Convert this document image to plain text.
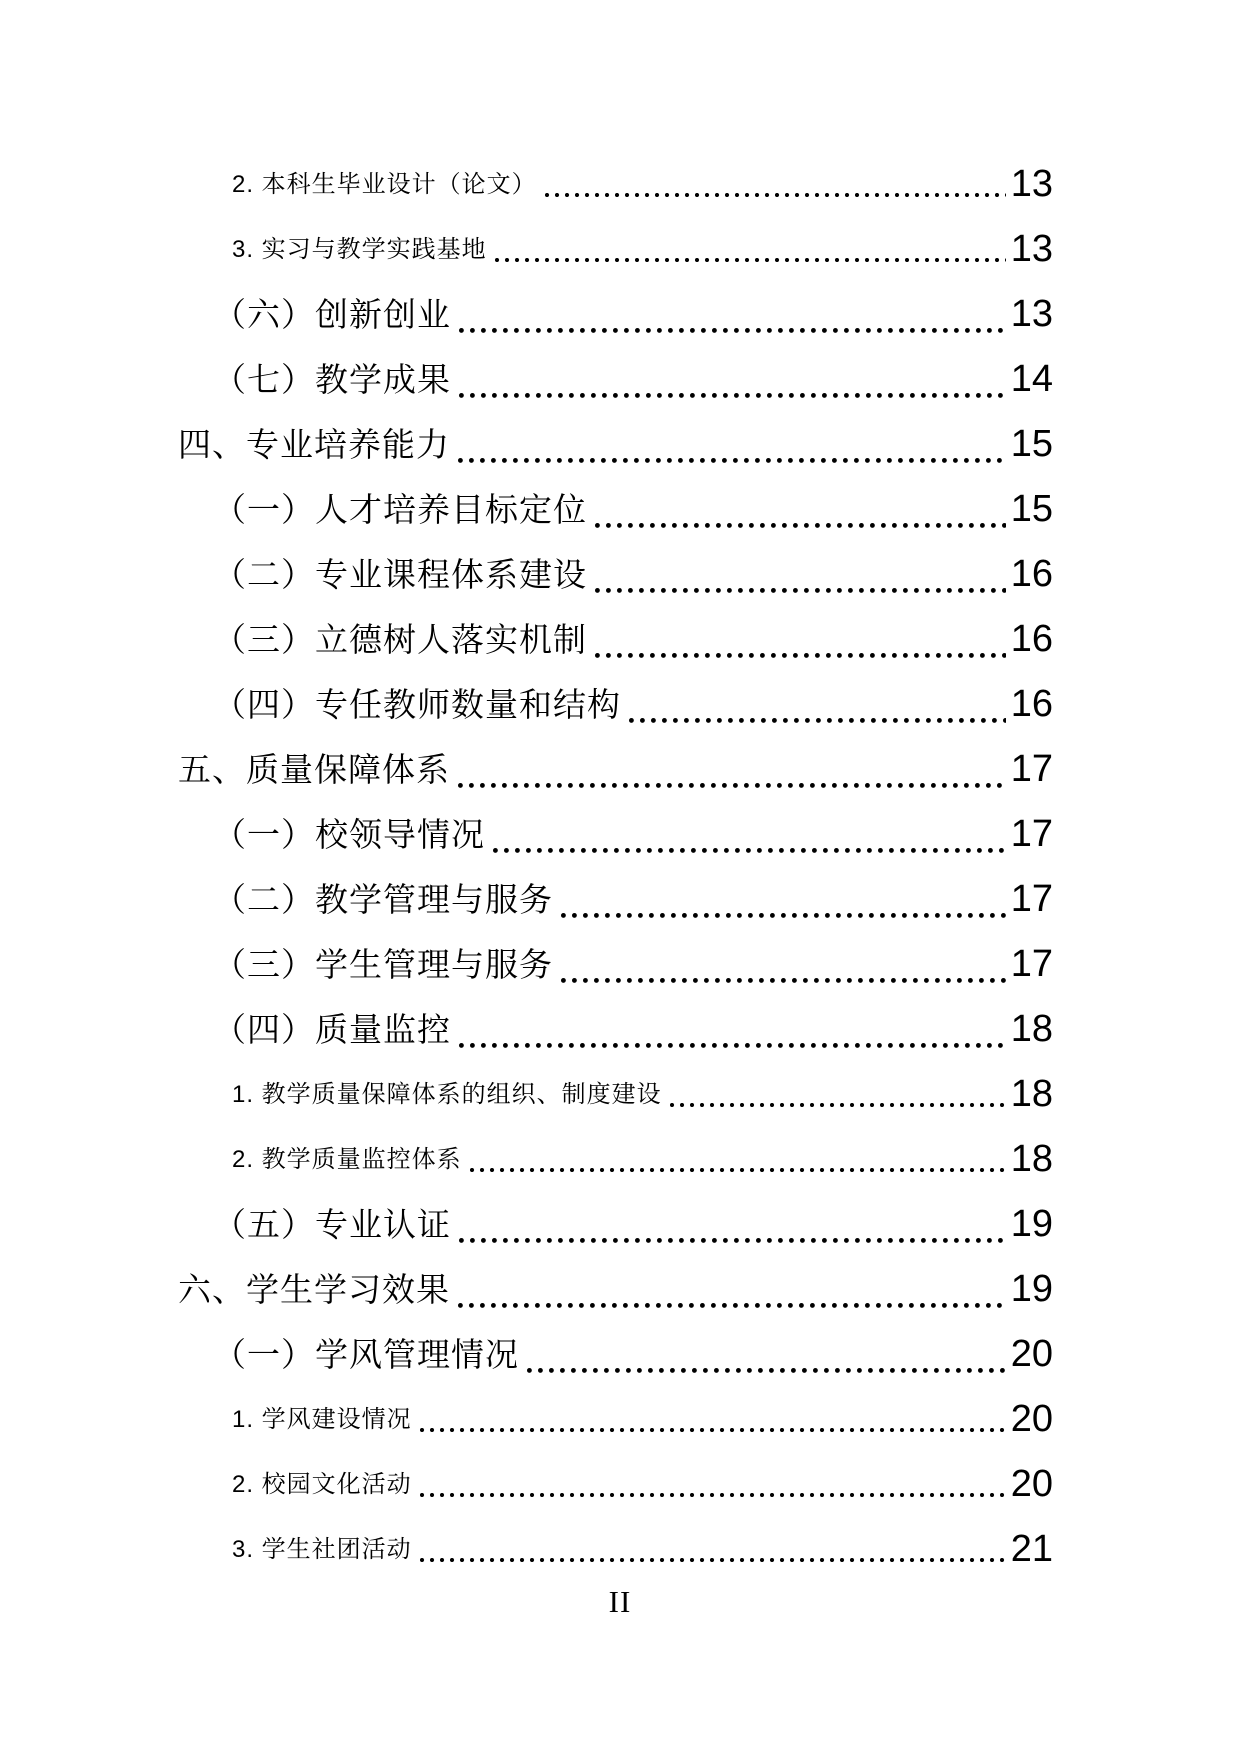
2. 本科生毕业设计（论文）	13
3. 实习与教学实践基地	13
（六）创新创业	13
（七）教学成果	14
四、专业培养能力	15
（一）人才培养目标定位	15
（二）专业课程体系建设	16
（三）立德树人落实机制	16
（四）专任教师数量和结构	16
五、质量保障体系	17
（一）校领导情况	17
（二）教学管理与服务	17
（三）学生管理与服务	17
（四）质量监控	18
1. 教学质量保障体系的组织、制度建设	18
2. 教学质量监控体系	18
（五）专业认证	19
六、学生学习效果	19
（一）学风管理情况	20
1. 学风建设情况	20
2. 校园文化活动	20
3. 学生社团活动	21
II
